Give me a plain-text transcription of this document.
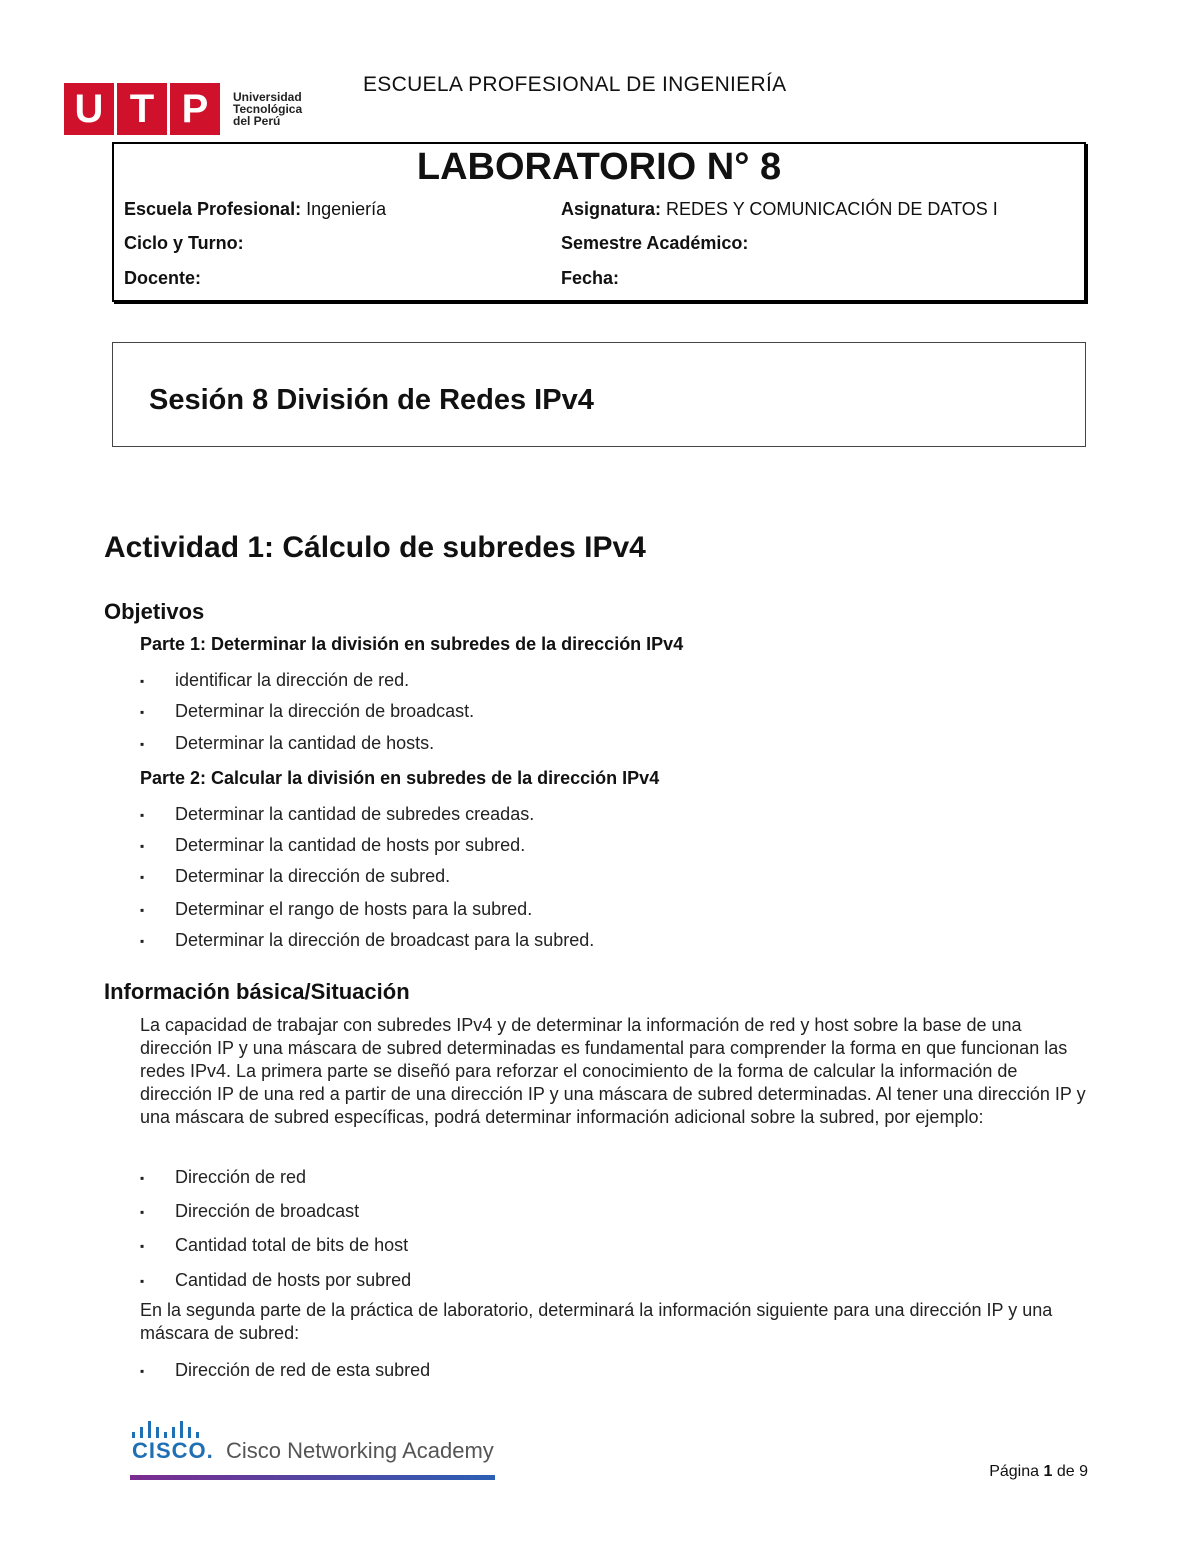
U T P	Universidad
Tecnológica
del Perú
ESCUELA PROFESIONAL DE INGENIERÍA
LABORATORIO N° 8
Escuela Profesional: Ingeniería	Asignatura: REDES Y COMUNICACIÓN DE DATOS I
Ciclo y Turno:	Semestre Académico:
Docente:	Fecha:
Sesión 8 División de Redes IPv4
Actividad 1: Cálculo de subredes IPv4
Objetivos
Parte 1: Determinar la división en subredes de la dirección IPv4
▪ identificar la dirección de red.
▪ Determinar la dirección de broadcast.
▪ Determinar la cantidad de hosts.
Parte 2: Calcular la división en subredes de la dirección IPv4
▪ Determinar la cantidad de subredes creadas.
▪ Determinar la cantidad de hosts por subred.
▪ Determinar la dirección de subred.
▪ Determinar el rango de hosts para la subred.
▪ Determinar la dirección de broadcast para la subred.
Información básica/Situación
La capacidad de trabajar con subredes IPv4 y de determinar la información de red y host sobre la base de una dirección IP y una máscara de subred determinadas es fundamental para comprender la forma en que funcionan las redes IPv4. La primera parte se diseñó para reforzar el conocimiento de la forma de calcular la información de dirección IP de una red a partir de una dirección IP y una máscara de subred determinadas. Al tener una dirección IP y una máscara de subred específicas, podrá determinar información adicional sobre la subred, por ejemplo:
▪ Dirección de red
▪ Dirección de broadcast
▪ Cantidad total de bits de host
▪ Cantidad de hosts por subred
En la segunda parte de la práctica de laboratorio, determinará la información siguiente para una dirección IP y una máscara de subred:
▪ Dirección de red de esta subred
CISCO. Cisco Networking Academy
Página 1 de 9
